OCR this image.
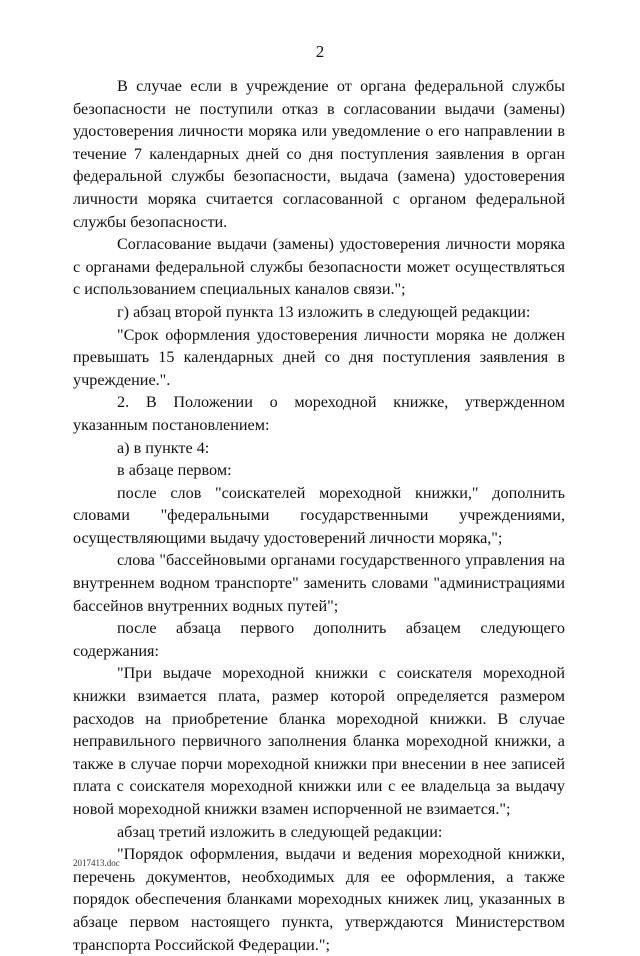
2

В случае если в учреждение от органа федеральной службы безопасности не поступили отказ в согласовании выдачи (замены) удостоверения личности моряка или уведомление о его направлении в течение 7 календарных дней со дня поступления заявления в орган федеральной службы безопасности, выдача (замена) удостоверения личности моряка считается согласованной с органом федеральной службы безопасности.

Согласование выдачи (замены) удостоверения личности моряка с органами федеральной службы безопасности может осуществляться с использованием специальных каналов связи.";

г) абзац второй пункта 13 изложить в следующей редакции:

"Срок оформления удостоверения личности моряка не должен превышать 15 календарных дней со дня поступления заявления в учреждение.".

2. В Положении о мореходной книжке, утвержденном указанным постановлением:

а) в пункте 4:

в абзаце первом:

после слов "соискателей мореходной книжки," дополнить словами "федеральными государственными учреждениями, осуществляющими выдачу удостоверений личности моряка,";

слова "бассейновыми органами государственного управления на внутреннем водном транспорте" заменить словами "администрациями бассейнов внутренних водных путей";

после абзаца первого дополнить абзацем следующего содержания:

"При выдаче мореходной книжки с соискателя мореходной книжки взимается плата, размер которой определяется размером расходов на приобретение бланка мореходной книжки. В случае неправильного первичного заполнения бланка мореходной книжки, а также в случае порчи мореходной книжки при внесении в нее записей плата с соискателя мореходной книжки или с ее владельца за выдачу новой мореходной книжки взамен испорченной не взимается.";

абзац третий изложить в следующей редакции:

"Порядок оформления, выдачи и ведения мореходной книжки, перечень документов, необходимых для ее оформления, а также порядок обеспечения бланками мореходных книжек лиц, указанных в абзаце первом настоящего пункта, утверждаются Министерством транспорта Российской Федерации.";

2017413.doc
